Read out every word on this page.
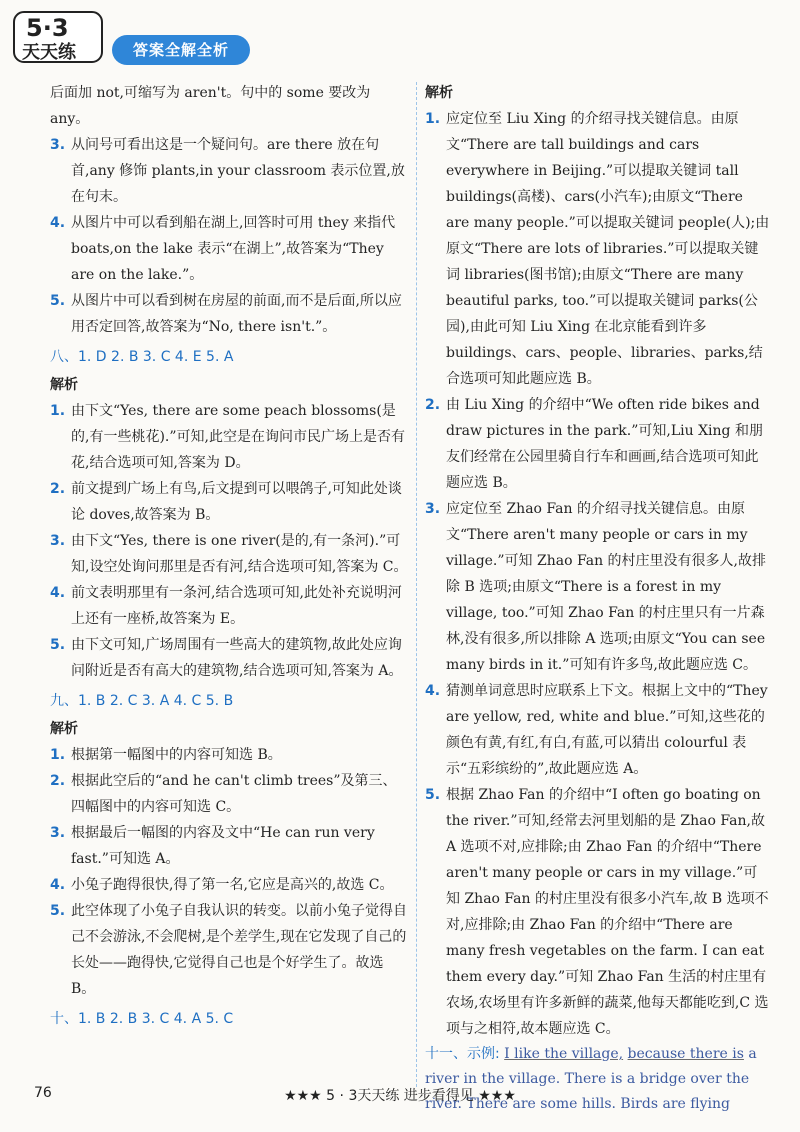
5·3
天天练	答案全解全析

后面加 not,可缩写为 aren't。句中的 some 要改为 any。

3. 从问号可看出这是一个疑问句。are there 放在句首,any 修饰 plants,in your classroom 表示位置,放在句末。
4. 从图片中可以看到船在湖上,回答时可用 they 来指代 boats,on the lake 表示“在湖上”,故答案为“They are on the lake.”。
5. 从图片中可以看到树在房屋的前面,而不是后面,所以应用否定回答,故答案为“No, there isn't.”。
八、1. D 2. B 3. C 4. E 5. A

解析

1. 由下文“Yes, there are some peach blossoms(是的,有一些桃花).”可知,此空是在询问市民广场上是否有花,结合选项可知,答案为 D。
2. 前文提到广场上有鸟,后文提到可以喂鸽子,可知此处谈论 doves,故答案为 B。
3. 由下文“Yes, there is one river(是的,有一条河).”可知,设空处询问那里是否有河,结合选项可知,答案为 C。
4. 前文表明那里有一条河,结合选项可知,此处补充说明河上还有一座桥,故答案为 E。
5. 由下文可知,广场周围有一些高大的建筑物,故此处应询问附近是否有高大的建筑物,结合选项可知,答案为 A。
九、1. B 2. C 3. A 4. C 5. B

解析

1. 根据第一幅图中的内容可知选 B。
2. 根据此空后的“and he can't climb trees”及第三、四幅图中的内容可知选 C。
3. 根据最后一幅图的内容及文中“He can run very fast.”可知选 A。
4. 小兔子跑得很快,得了第一名,它应是高兴的,故选 C。
5. 此空体现了小兔子自我认识的转变。以前小兔子觉得自己不会游泳,不会爬树,是个差学生,现在它发现了自己的长处——跑得快,它觉得自己也是个好学生了。故选 B。
十、1. B 2. B 3. C 4. A 5. C

解析

1. 应定位至 Liu Xing 的介绍寻找关键信息。由原文“There are tall buildings and cars everywhere in Beijing.”可以提取关键词 tall buildings(高楼)、cars(小汽车);由原文“There are many people.”可以提取关键词 people(人);由原文“There are lots of libraries.”可以提取关键词 libraries(图书馆);由原文“There are many beautiful parks, too.”可以提取关键词 parks(公园),由此可知 Liu Xing 在北京能看到许多 buildings、cars、people、libraries、parks,结合选项可知此题应选 B。
2. 由 Liu Xing 的介绍中“We often ride bikes and draw pictures in the park.”可知,Liu Xing 和朋友们经常在公园里骑自行车和画画,结合选项可知此题应选 B。
3. 应定位至 Zhao Fan 的介绍寻找关键信息。由原文“There aren't many people or cars in my village.”可知 Zhao Fan 的村庄里没有很多人,故排除 B 选项;由原文“There is a forest in my village, too.”可知 Zhao Fan 的村庄里只有一片森林,没有很多,所以排除 A 选项;由原文“You can see many birds in it.”可知有许多鸟,故此题应选 C。
4. 猜测单词意思时应联系上下文。根据上文中的“They are yellow, red, white and blue.”可知,这些花的颜色有黄,有红,有白,有蓝,可以猜出 colourful 表示“五彩缤纷的”,故此题应选 A。
5. 根据 Zhao Fan 的介绍中“I often go boating on the river.”可知,经常去河里划船的是 Zhao Fan,故 A 选项不对,应排除;由 Zhao Fan 的介绍中“There aren't many people or cars in my village.”可知 Zhao Fan 的村庄里没有很多小汽车,故 B 选项不对,应排除;由 Zhao Fan 的介绍中“There are many fresh vegetables on the farm. I can eat them every day.”可知 Zhao Fan 生活的村庄里有农场,农场里有许多新鲜的蔬菜,他每天都能吃到,C 选项与之相符,故本题应选 C。

十一、示例: I like the village, because there is a river in the village. There is a bridge over the river. There are some hills. Birds are flying

76	★★★ 5 · 3天天练 进步看得见 ★★★
